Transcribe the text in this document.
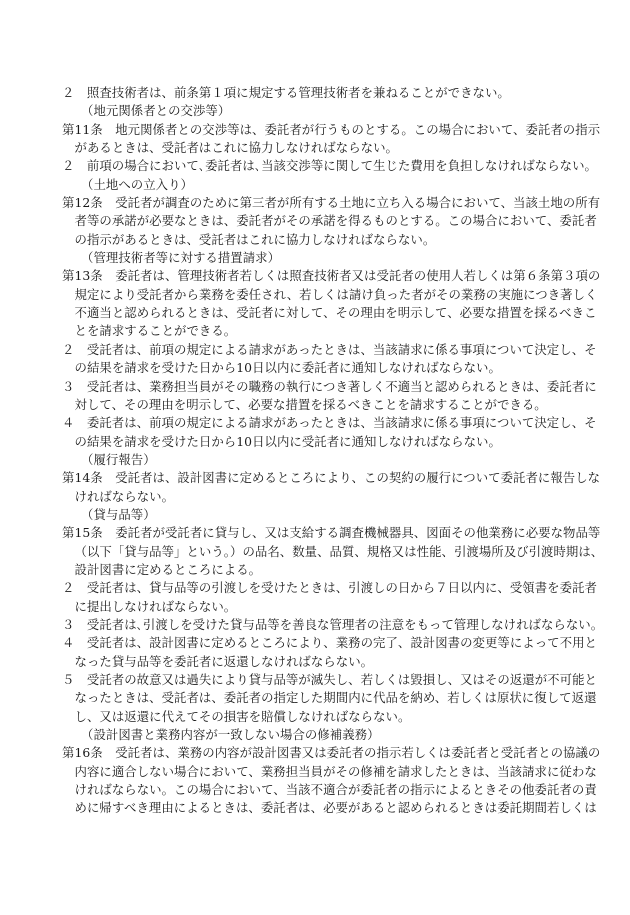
２　照査技術者は、前条第１項に規定する管理技術者を兼ねることができない。
（地元関係者との交渉等）
第11条　地元関係者との交渉等は、委託者が行うものとする。この場合において、委託者の指示
があるときは、受託者はこれに協力しなければならない。
２　前項の場合において､委託者は､当該交渉等に関して生じた費用を負担しなければならない。
（土地への立入り）
第12条　受託者が調査のために第三者が所有する土地に立ち入る場合において、当該土地の所有
者等の承諾が必要なときは、委託者がその承諾を得るものとする。この場合において、委託者
の指示があるときは、受託者はこれに協力しなければならない。
（管理技術者等に対する措置請求）
第13条　委託者は、管理技術者若しくは照査技術者又は受託者の使用人若しくは第６条第３項の
規定により受託者から業務を委任され、若しくは請け負った者がその業務の実施につき著しく
不適当と認められるときは、受託者に対して、その理由を明示して、必要な措置を採るべきこ
とを請求することができる。
２　受託者は、前項の規定による請求があったときは、当該請求に係る事項について決定し、そ
の結果を請求を受けた日から10日以内に委託者に通知しなければならない。
３　受託者は、業務担当員がその職務の執行につき著しく不適当と認められるときは、委託者に
対して、その理由を明示して、必要な措置を採るべきことを請求することができる。
４　委託者は、前項の規定による請求があったときは、当該請求に係る事項について決定し、そ
の結果を請求を受けた日から10日以内に受託者に通知しなければならない。
（履行報告）
第14条　受託者は、設計図書に定めるところにより、この契約の履行について委託者に報告しな
ければならない。
（貸与品等）
第15条　委託者が受託者に貸与し、又は支給する調査機械器具、図面その他業務に必要な物品等
（以下「貸与品等」という。）の品名、数量、品質、規格又は性能、引渡場所及び引渡時期は、
設計図書に定めるところによる。
２　受託者は、貸与品等の引渡しを受けたときは、引渡しの日から７日以内に、受領書を委託者
に提出しなければならない。
３　受託者は､引渡しを受けた貸与品等を善良な管理者の注意をもって管理しなければならない。
４　受託者は、設計図書に定めるところにより、業務の完了、設計図書の変更等によって不用と
なった貸与品等を委託者に返還しなければならない。
５　受託者の故意又は過失により貸与品等が滅失し、若しくは毀損し、又はその返還が不可能と
なったときは、受託者は、委託者の指定した期間内に代品を納め、若しくは原状に復して返還
し、又は返還に代えてその損害を賠償しなければならない。
（設計図書と業務内容が一致しない場合の修補義務）
第16条　受託者は、業務の内容が設計図書又は委託者の指示若しくは委託者と受託者との協議の
内容に適合しない場合において、業務担当員がその修補を請求したときは、当該請求に従わな
ければならない。この場合において、当該不適合が委託者の指示によるときその他委託者の責
めに帰すべき理由によるときは、委託者は、必要があると認められるときは委託期間若しくは
